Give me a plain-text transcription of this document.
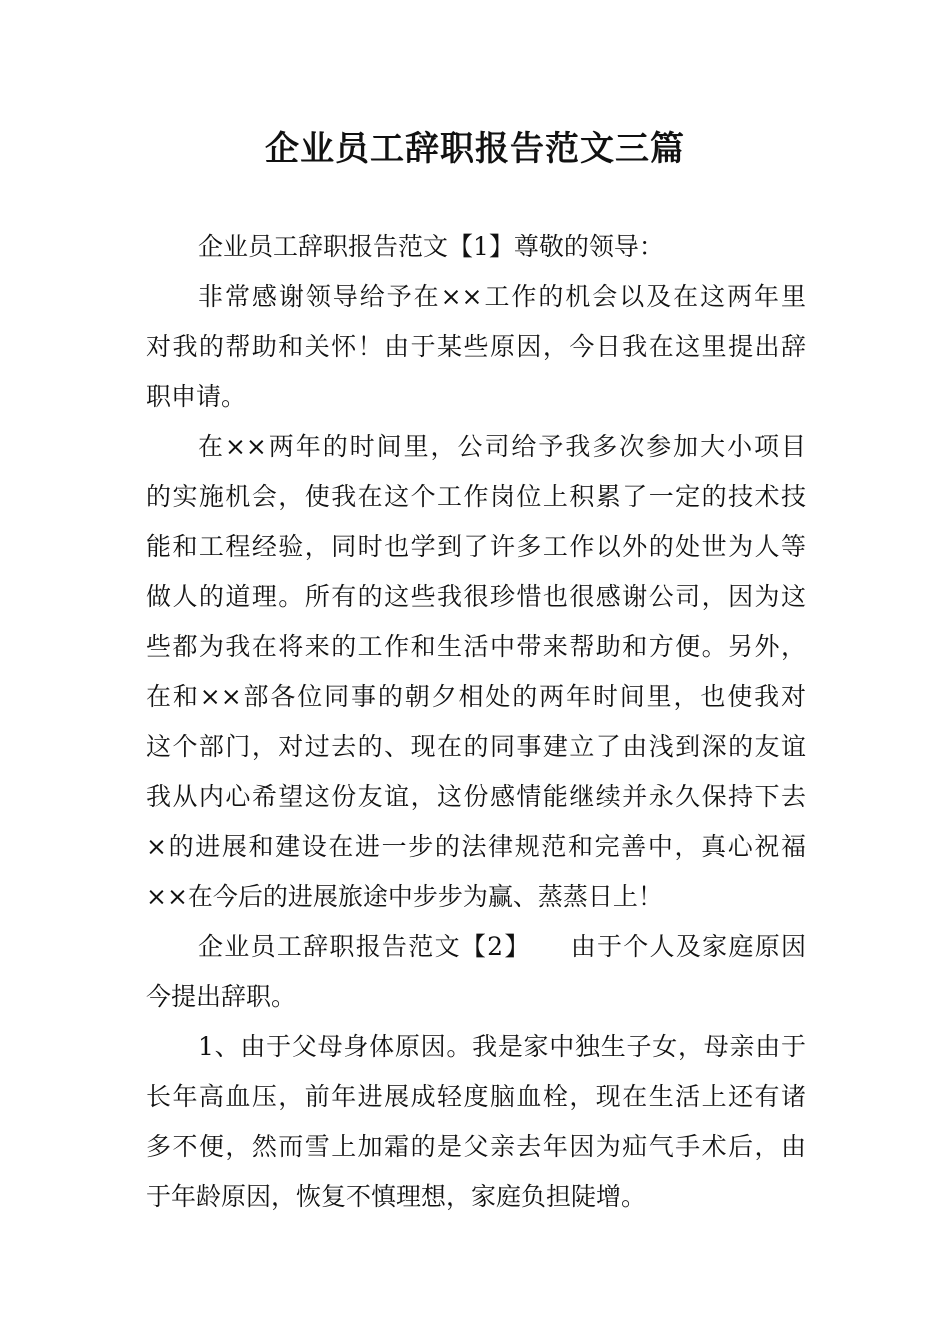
企业员工辞职报告范文三篇
企业员工辞职报告范文【1】尊敬的领导：
非常感谢领导给予在××工作的机会以及在这两年里
对我的帮助和关怀！由于某些原因，今日我在这里提出辞
职申请。
在××两年的时间里，公司给予我多次参加大小项目
的实施机会，使我在这个工作岗位上积累了一定的技术技
能和工程经验，同时也学到了许多工作以外的处世为人等
做人的道理。所有的这些我很珍惜也很感谢公司，因为这
些都为我在将来的工作和生活中带来帮助和方便。另外，
在和××部各位同事的朝夕相处的两年时间里，也使我对
这个部门，对过去的、现在的同事建立了由浅到深的友谊
我从内心希望这份友谊，这份感情能继续并永久保持下去
×的进展和建设在进一步的法律规范和完善中，真心祝福
××在今后的进展旅途中步步为赢、蒸蒸日上！
企业员工辞职报告范文【2】　　由于个人及家庭原因
今提出辞职。
1、由于父母身体原因。我是家中独生子女，母亲由于
长年高血压，前年进展成轻度脑血栓，现在生活上还有诸
多不便，然而雪上加霜的是父亲去年因为疝气手术后，由
于年龄原因，恢复不慎理想，家庭负担陡增。
